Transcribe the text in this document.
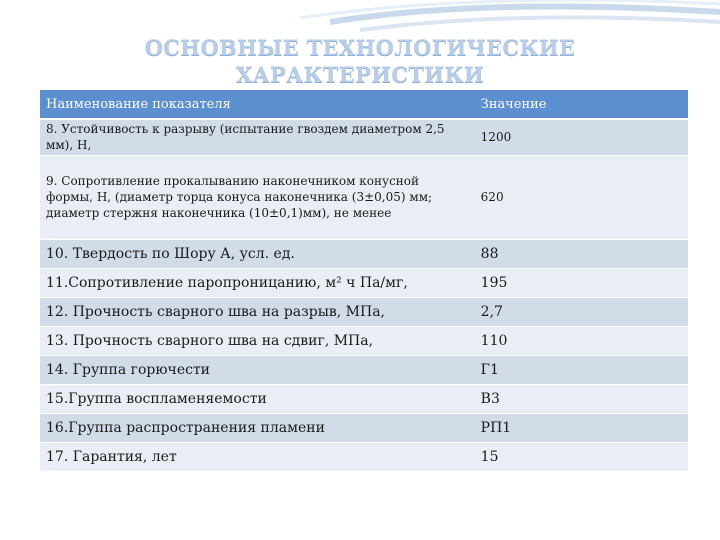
ОСНОВНЫЕ ТЕХНОЛОГИЧЕСКИЕ
ХАРАКТЕРИСТИКИ
Наименование показателя	Значение
8. Устойчивость к разрыву (испытание гвоздем диаметром 2,5 мм), Н,	1200
9. Сопротивление прокалыванию наконечником конусной формы, Н, (диаметр торца конуса наконечника (3±0,05) мм; диаметр стержня наконечника (10±0,1)мм), не менее	620
10. Твердость по Шору А, усл. ед.	88
11.Сопротивление паропроницанию, м² ч Па/мг,	195
12. Прочность сварного шва на разрыв, МПа,	2,7
13. Прочность сварного шва на сдвиг, МПа,	110
14. Группа горючести	Г1
15.Группа воспламеняемости	В3
16.Группа распространения пламени	РП1
17. Гарантия, лет	15
